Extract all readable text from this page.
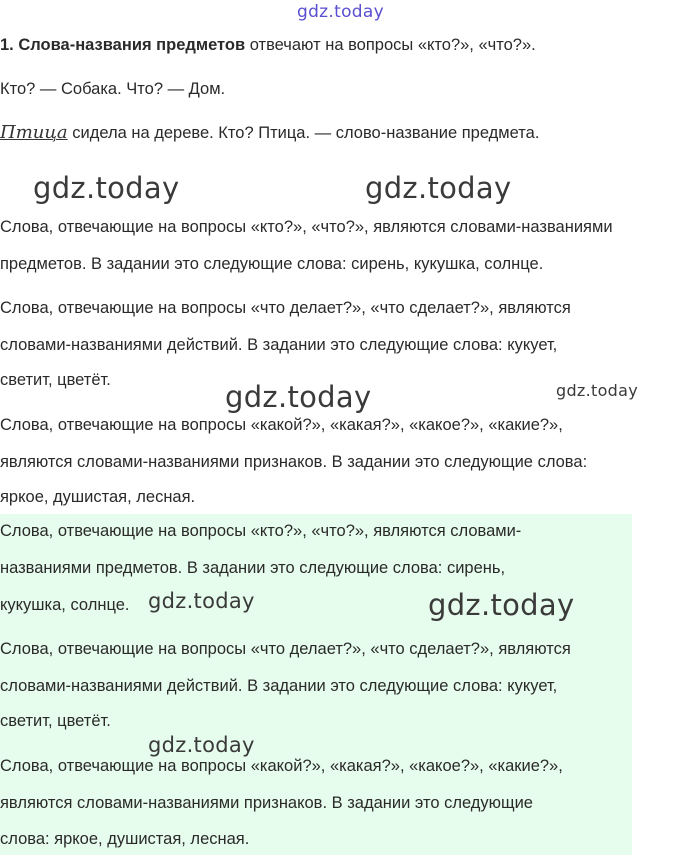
gdz.today
gdz.today	gdz.today
gdz.today	gdz.today
gdz.today	gdz.today
gdz.today
1. Слова-названия предметов отвечают на вопросы «кто?», «что?».
Кто? — Собака. Что? — Дом.
Птица сидела на дереве. Кто? Птица. — слово-название предмета.
Слова, отвечающие на вопросы «кто?», «что?», являются словами-названиями
предметов. В задании это следующие слова: сирень, кукушка, солнце.
Слова, отвечающие на вопросы «что делает?», «что сделает?», являются
словами-названиями действий. В задании это следующие слова: кукует,
светит, цветёт.
Слова, отвечающие на вопросы «какой?», «какая?», «какое?», «какие?»,
являются словами-названиями признаков. В задании это следующие слова:
яркое, душистая, лесная.
Слова, отвечающие на вопросы «кто?», «что?», являются словами-
названиями предметов. В задании это следующие слова: сирень,
кукушка, солнце.
Слова, отвечающие на вопросы «что делает?», «что сделает?», являются
словами-названиями действий. В задании это следующие слова: кукует,
светит, цветёт.
Слова, отвечающие на вопросы «какой?», «какая?», «какое?», «какие?»,
являются словами-названиями признаков. В задании это следующие
слова: яркое, душистая, лесная.
